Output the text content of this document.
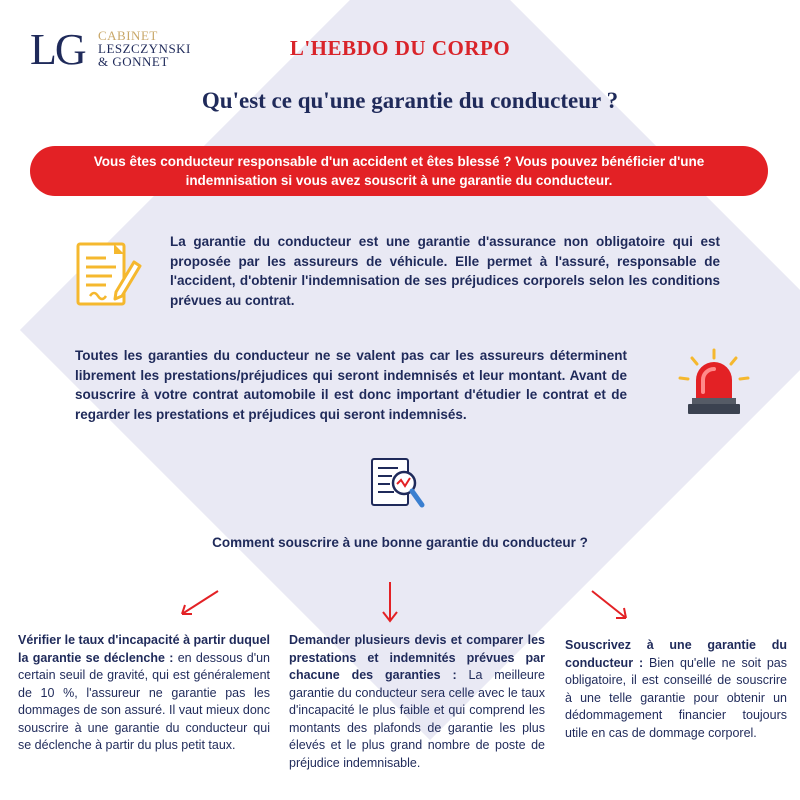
LG CABINET
LESZCZYNSKI
& GONNET
L'HEBDO DU CORPO
Qu'est ce qu'une garantie du conducteur ?
Vous êtes conducteur responsable d'un accident et êtes blessé ? Vous pouvez bénéficier d'une indemnisation si vous avez souscrit à une garantie du conducteur.
La garantie du conducteur est une garantie d'assurance non obligatoire qui est proposée par les assureurs de véhicule. Elle permet à l'assuré, responsable de l'accident, d'obtenir l'indemnisation de ses préjudices corporels selon les conditions prévues au contrat.
Toutes les garanties du conducteur ne se valent pas car les assureurs déterminent librement les prestations/préjudices qui seront indemnisés et leur montant. Avant de souscrire à votre contrat automobile il est donc important d'étudier le contrat et de regarder les prestations et préjudices qui seront indemnisés.
Comment souscrire à une bonne garantie du conducteur ?
Vérifier le taux d'incapacité à partir duquel la garantie se déclenche : en dessous d'un certain seuil de gravité, qui est généralement de 10 %, l'assureur ne garantie pas les dommages de son assuré. Il vaut mieux donc souscrire à une garantie du conducteur qui se déclenche à partir du plus petit taux.
Demander plusieurs devis et comparer les prestations et indemnités prévues par chacune des garanties : La meilleure garantie du conducteur sera celle avec le taux d'incapacité le plus faible et qui comprend les montants des plafonds de garantie les plus élevés et le plus grand nombre de poste de préjudice indemnisable.
Souscrivez à une garantie du conducteur : Bien qu'elle ne soit pas obligatoire, il est conseillé de souscrire à une telle garantie pour obtenir un dédommagement financier toujours utile en cas de dommage corporel.
